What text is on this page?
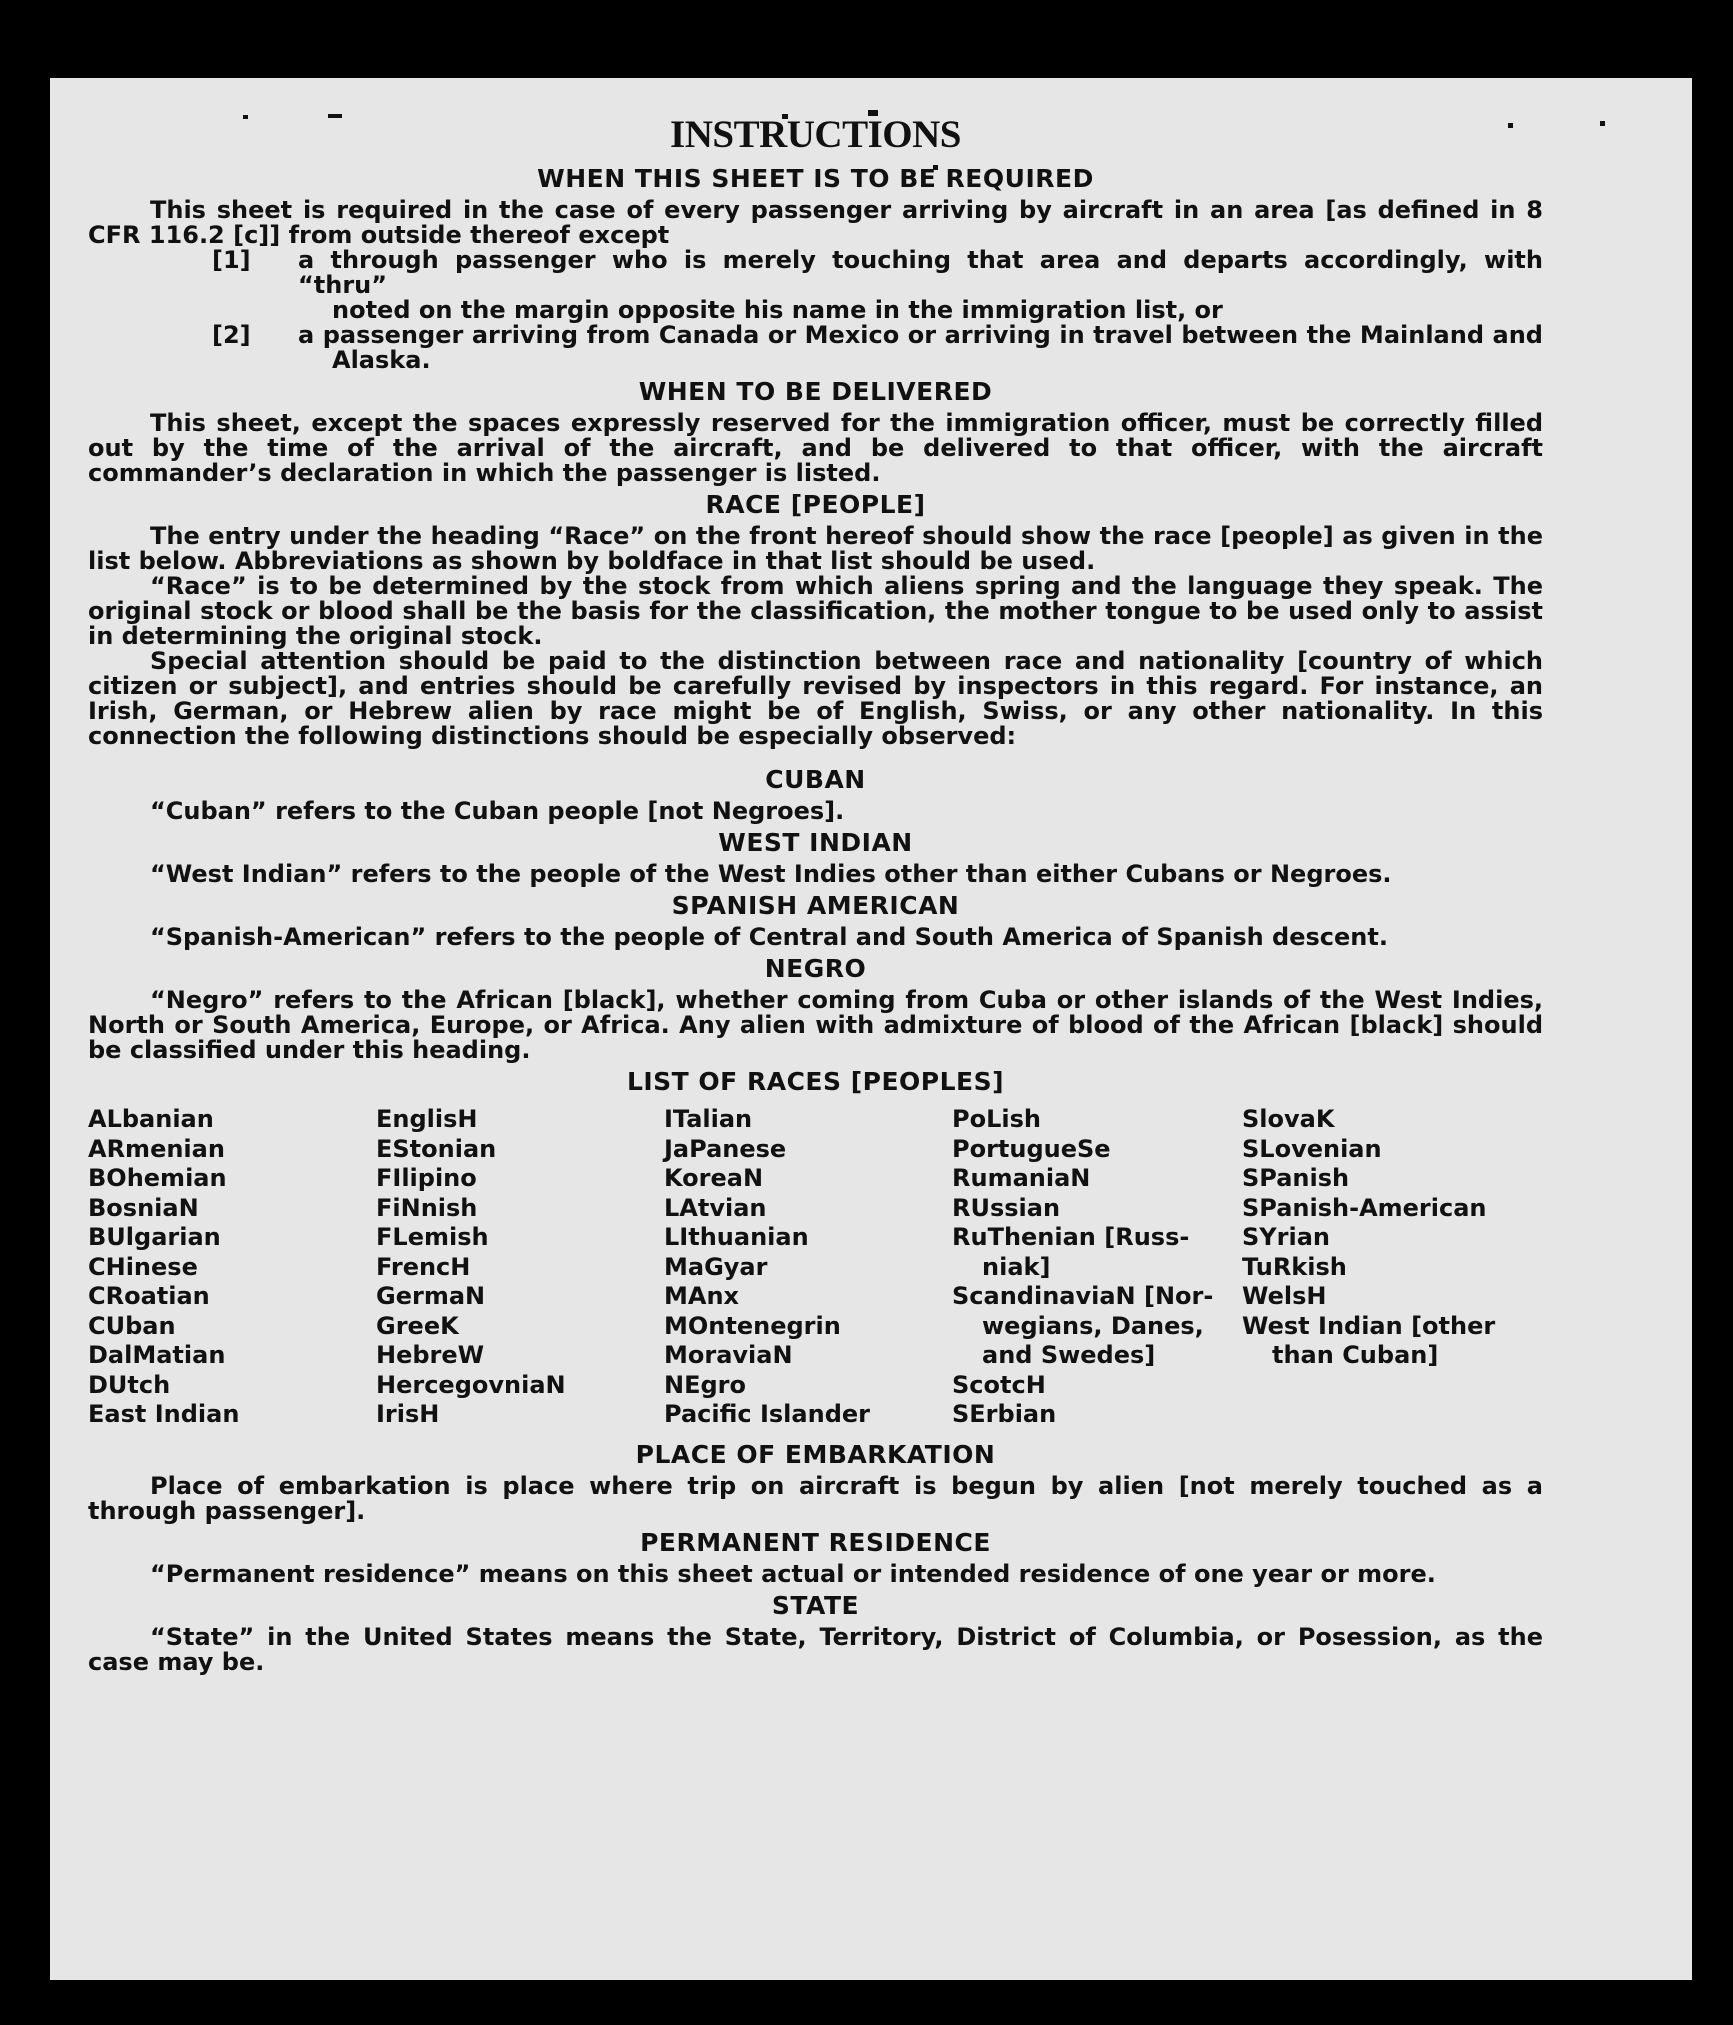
INSTRUCTIONS
WHEN THIS SHEET IS TO BE REQUIRED

This sheet is required in the case of every passenger arriving by aircraft in an area [as defined in 8 CFR 116.2 [c]] from outside thereof except

[1] a through passenger who is merely touching that area and departs accordingly, with “thru”
noted on the margin opposite his name in the immigration list, or
[2] a passenger arriving from Canada or Mexico or arriving in travel between the Mainland and
Alaska.
WHEN TO BE DELIVERED

This sheet, except the spaces expressly reserved for the immigration officer, must be correctly filled out by the time of the arrival of the aircraft, and be delivered to that officer, with the aircraft commander’s declaration in which the passenger is listed.

RACE [PEOPLE]

The entry under the heading “Race” on the front hereof should show the race [people] as given in the list below. Abbreviations as shown by boldface in that list should be used.

“Race” is to be determined by the stock from which aliens spring and the language they speak. The original stock or blood shall be the basis for the classification, the mother tongue to be used only to assist in determining the original stock.

Special attention should be paid to the distinction between race and nationality [country of which citizen or subject], and entries should be carefully revised by inspectors in this regard. For instance, an Irish, German, or Hebrew alien by race might be of English, Swiss, or any other nationality. In this connection the following distinctions should be especially observed:

CUBAN

“Cuban” refers to the Cuban people [not Negroes].

WEST INDIAN

“West Indian” refers to the people of the West Indies other than either Cubans or Negroes.

SPANISH AMERICAN

“Spanish-American” refers to the people of Central and South America of Spanish descent.

NEGRO

“Negro” refers to the African [black], whether coming from Cuba or other islands of the West Indies, North or South America, Europe, or Africa. Any alien with admixture of blood of the African [black] should be classified under this heading.

LIST OF RACES [PEOPLES]
ALbanian
ARmenian
BOhemian
BosniaN
BUlgarian
CHinese
CRoatian
CUban
DalMatian
DUtch
East Indian
EnglisH
EStonian
FIlipino
FiNnish
FLemish
FrencH
GermaN
GreeK
HebreW
HercegovniaN
IrisH
ITalian
JaPanese
KoreaN
LAtvian
LIthuanian
MaGyar
MAnx
MOntenegrin
MoraviaN
NEgro
Pacific Islander
PoLish
PortugueSe
RumaniaN
RUssian
RuThenian [Russ-
niak]
ScandinaviaN [Nor-
wegians, Danes,
and Swedes]
ScotcH
SErbian
SlovaK
SLovenian
SPanish
SPanish-American
SYrian
TuRkish
WelsH
West Indian [other
than Cuban]
PLACE OF EMBARKATION

Place of embarkation is place where trip on aircraft is begun by alien [not merely touched as a through passenger].

PERMANENT RESIDENCE

“Permanent residence” means on this sheet actual or intended residence of one year or more.

STATE

“State” in the United States means the State, Territory, District of Columbia, or Posession, as the case may be.
